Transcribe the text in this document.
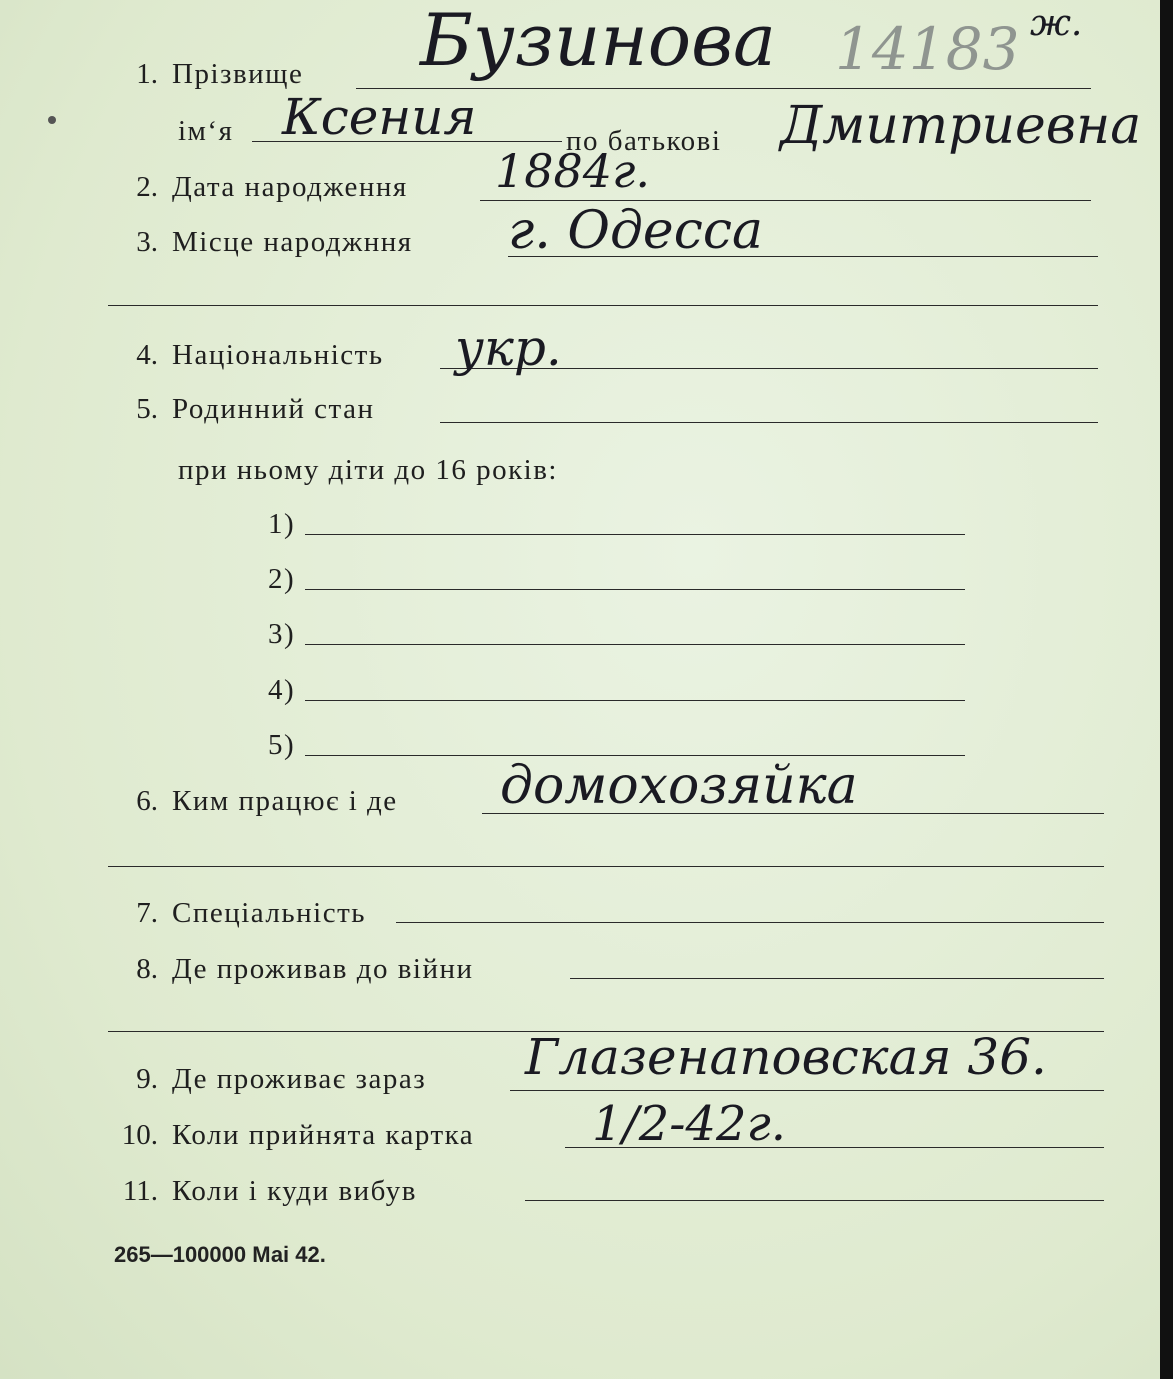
1. Прізвище Бузинова 14183 ж.
ім‘я Ксения	по батькові Дмитриевна
2. Дата народження 1884г.
3. Місце народжння г. Одесса
4. Національність укр.
5. Родинний стан
при ньому діти до 16 років:
1)
2)
3)
4)
5)
6. Ким працює і де домохозяйка
7. Спеціальність
8. Де проживав до війни
9. Де проживає зараз Глазенаповская 36.
10. Коли прийнята картка 1/2-42г.
11. Коли і куди вибув
265—100000 Маі 42.
